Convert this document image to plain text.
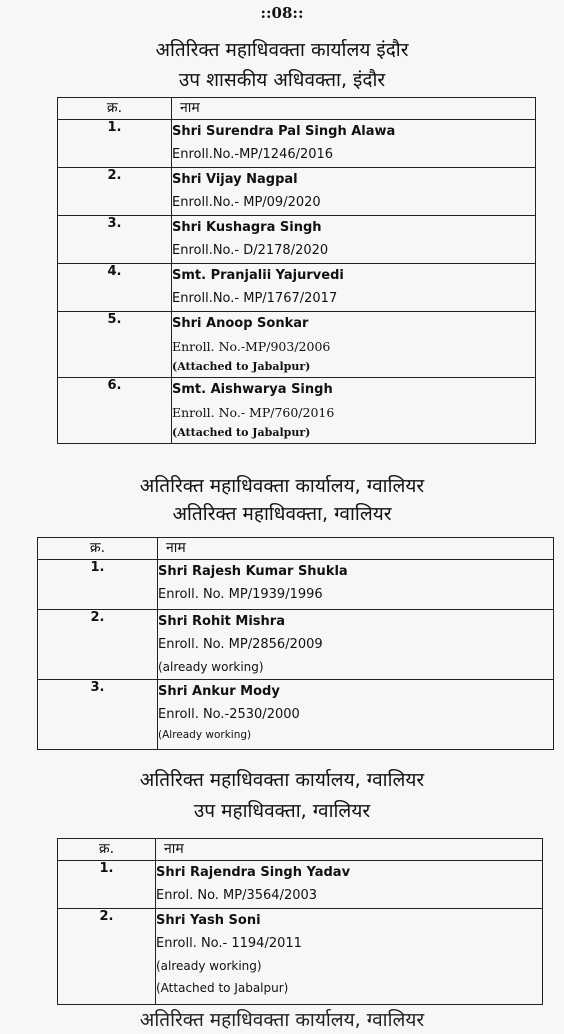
::08::
अतिरिक्त महाधिवक्ता कार्यालय इंदौर
उप शासकीय अधिवक्ता, इंदौर
क्र.	नाम
1.	Shri Surendra Pal Singh Alawa
Enroll.No.-MP/1246/2016

2.	Shri Vijay Nagpal
Enroll.No.- MP/09/2020

3.	Shri Kushagra Singh
Enroll.No.- D/2178/2020

4.	Smt. Pranjalii Yajurvedi
Enroll.No.- MP/1767/2017

5.	Shri Anoop Sonkar
Enroll. No.-MP/903/2006
(Attached to Jabalpur)

6.	Smt. Aishwarya Singh
Enroll. No.- MP/760/2016
(Attached to Jabalpur)
अतिरिक्त महाधिवक्ता कार्यालय, ग्वालियर
अतिरिक्त महाधिवक्ता, ग्वालियर
क्र.	नाम
1.	Shri Rajesh Kumar Shukla
Enroll. No. MP/1939/1996

2.	Shri Rohit Mishra
Enroll. No. MP/2856/2009
(already working)

3.	Shri Ankur Mody
Enroll. No.-2530/2000
(Already working)
अतिरिक्त महाधिवक्ता कार्यालय, ग्वालियर
उप महाधिवक्ता, ग्वालियर
क्र.	नाम
1.	Shri Rajendra Singh Yadav
Enrol. No. MP/3564/2003

2.	Shri Yash Soni
Enroll. No.- 1194/2011
(already working)
(Attached to Jabalpur)
अतिरिक्त महाधिवक्ता कार्यालय, ग्वालियर
